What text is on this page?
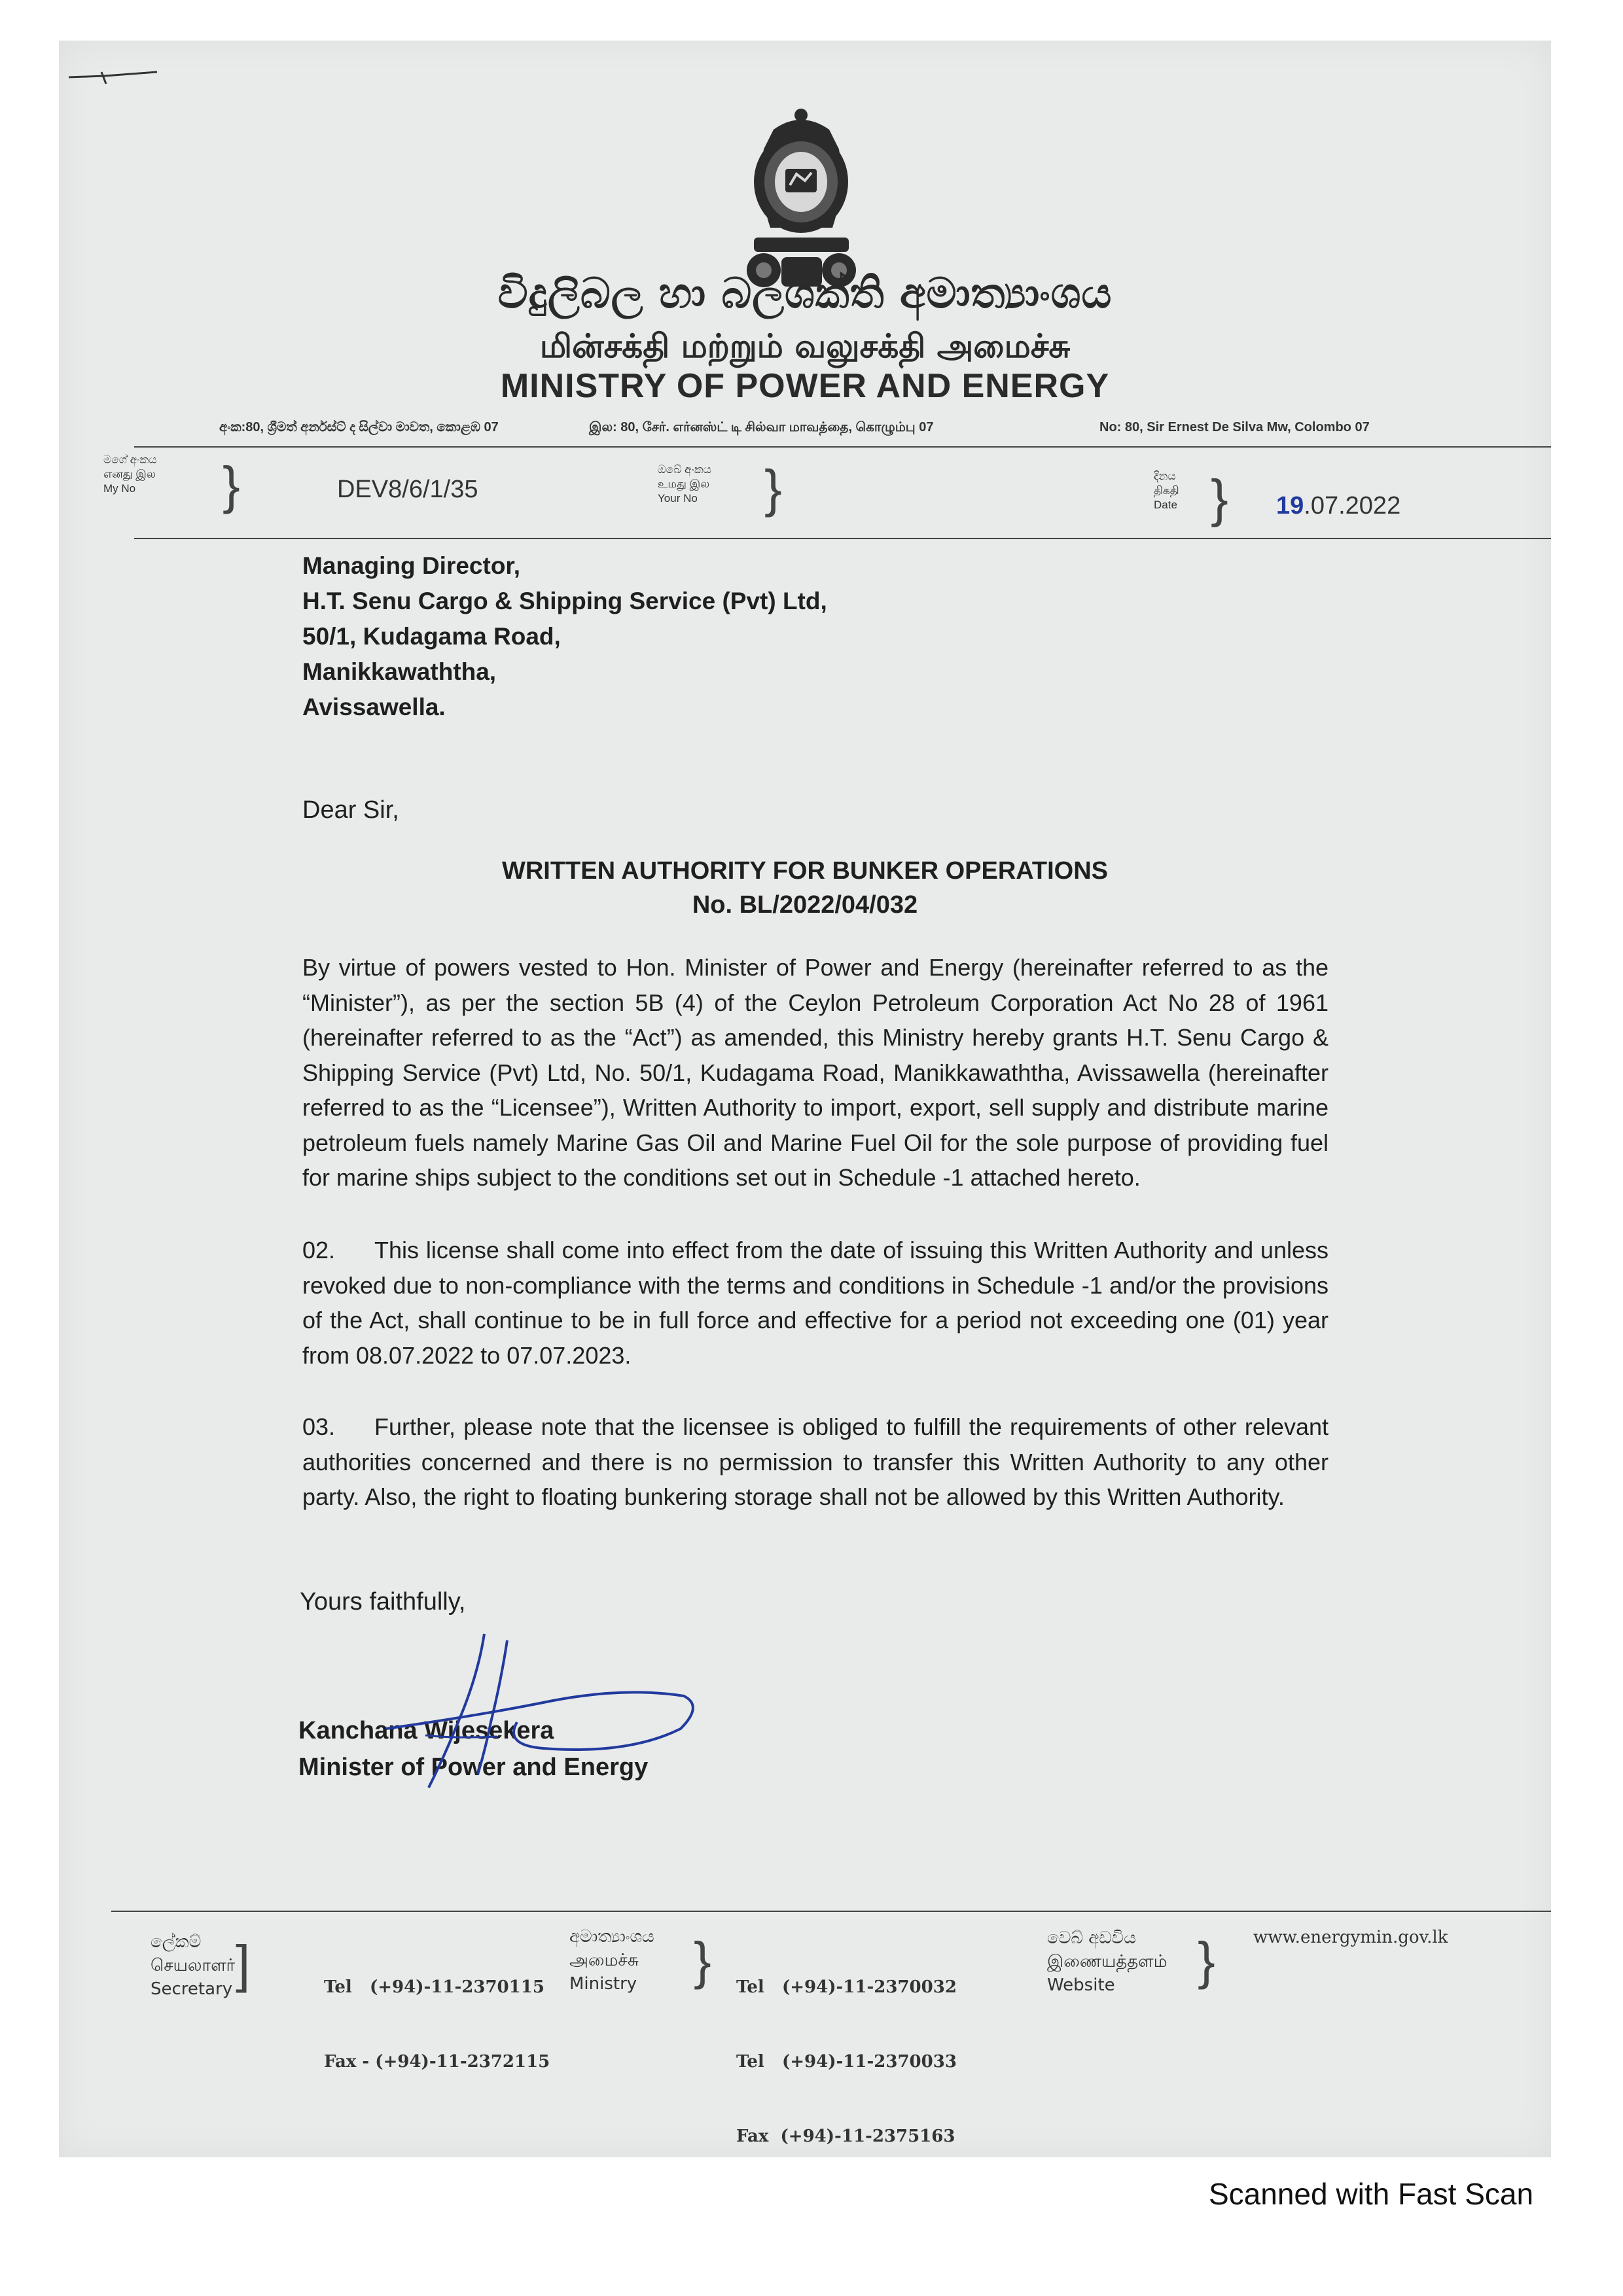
විදුලිබල හා බලශක්ති අමාත්‍යාංශය
மின்சக்தி மற்றும் வலுசக்தி அமைச்சு
MINISTRY OF POWER AND ENERGY
අංක:80, ශ්‍රීමත් අර්නස්ට් ද සිල්වා මාවත, කොළඹ 07	இல: 80, சேர். எர்னஸ்ட் டி சில்வா மாவத்தை, கொழும்பு 07	No: 80, Sir Ernest De Silva Mw, Colombo 07
මගේ අංකය
எனது இல
My No	}	DEV8/6/1/35
ඔබේ අංකය
உமது இல
Your No }	දිනය
திகதி
Date } 19.07.2022
Managing Director,
H.T. Senu Cargo & Shipping Service (Pvt) Ltd,
50/1, Kudagama Road,
Manikkawaththa,
Avissawella.
Dear Sir,
WRITTEN AUTHORITY FOR BUNKER OPERATIONS
No. BL/2022/04/032
By virtue of powers vested to Hon. Minister of Power and Energy (hereinafter referred to as the “Minister”), as per the section 5B (4) of the Ceylon Petroleum Corporation Act No 28 of 1961 (hereinafter referred to as the “Act”) as amended, this Ministry hereby grants H.T. Senu Cargo & Shipping Service (Pvt) Ltd, No. 50/1, Kudagama Road, Manikkawaththa, Avissawella (hereinafter referred to as the “Licensee”), Written Authority to import, export, sell supply and distribute marine petroleum fuels namely Marine Gas Oil and Marine Fuel Oil for the sole purpose of providing fuel for marine ships subject to the conditions set out in Schedule -1 attached hereto.
02. This license shall come into effect from the date of issuing this Written Authority and unless revoked due to non-compliance with the terms and conditions in Schedule -1 and/or the provisions of the Act, shall continue to be in full force and effective for a period not exceeding one (01) year from 08.07.2022 to 07.07.2023.
03. Further, please note that the licensee is obliged to fulfill the requirements of other relevant authorities concerned and there is no permission to transfer this Written Authority to any other party. Also, the right to floating bunkering storage shall not be allowed by this Written Authority.
Yours faithfully,
Kanchana Wijesekera
Minister of Power and Energy
ලේකම්
செயலாளர்
Secretary ]

	Tel   (+94)-11-2370115

Fax - (+94)-11-2372115

අමාත්‍යාංශය
அமைச்சு
Ministry	}

Tel   (+94)-11-2370032

Tel   (+94)-11-2370033

Fax  (+94)-11-2375163

වෙබ් අඩවිය
இணையத்தளம்
Website	} www.energymin.gov.lk
Scanned with Fast Scan
